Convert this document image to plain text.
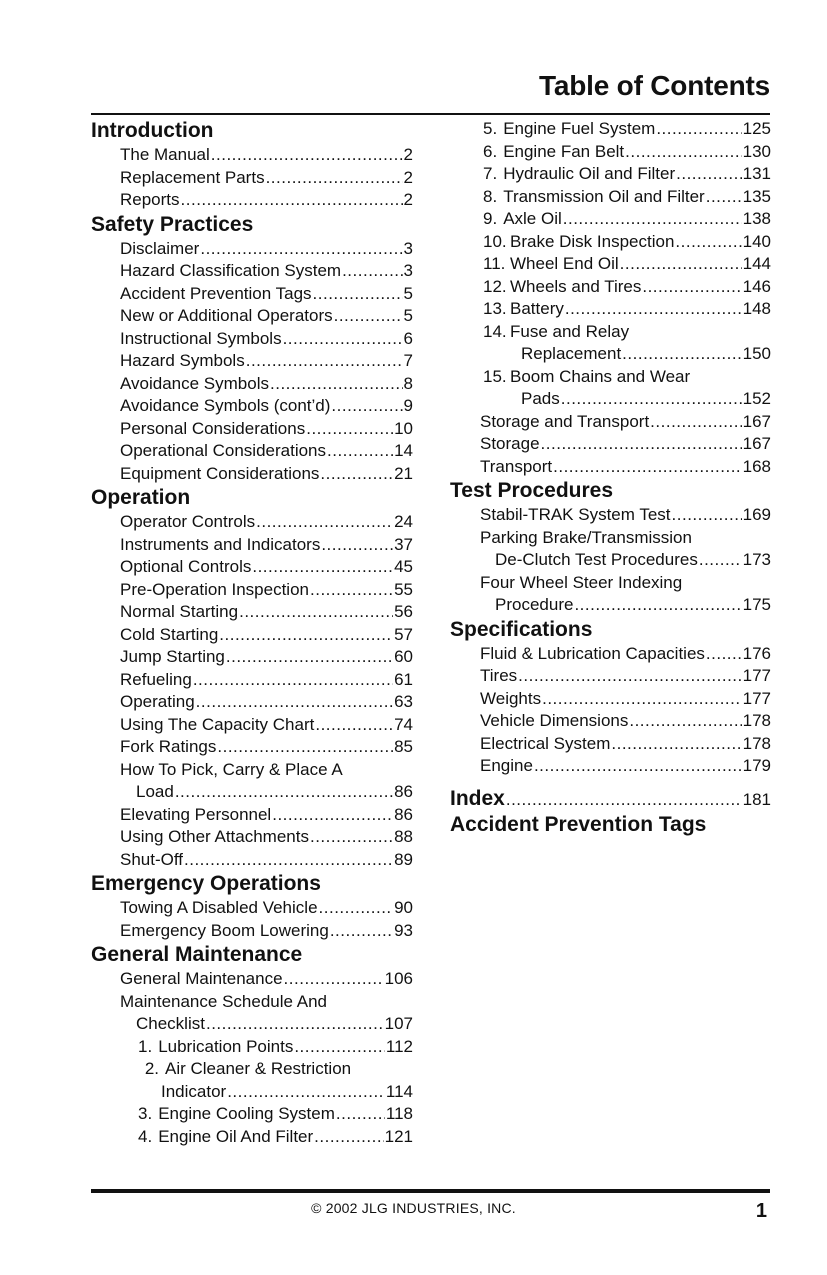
Table of Contents
Introduction
The Manual .....	2
Replacement Parts .....	2
Reports .....	2
Safety Practices
Disclaimer .....	3
Hazard Classification System .....	3
Accident Prevention Tags .....	5
New or Additional Operators .....	5
Instructional Symbols .....	6
Hazard Symbols .....	7
Avoidance Symbols .....	8
Avoidance Symbols (cont’d) .....	9
Personal Considerations .....	10
Operational Considerations .....	14
Equipment Considerations .....	21
Operation
Operator Controls .....	24
Instruments and Indicators .....	37
Optional Controls .....	45
Pre-Operation Inspection .....	55
Normal Starting .....	56
Cold Starting .....	57
Jump Starting .....	60
Refueling .....	61
Operating .....	63
Using The Capacity Chart .....	74
Fork Ratings .....	85
How To Pick, Carry & Place A
Load .....	86
Elevating Personnel .....	86
Using Other Attachments .....	88
Shut-Off .....	89
Emergency Operations
Towing A Disabled Vehicle .....	90
Emergency Boom Lowering .....	93
General Maintenance
General Maintenance .....	106
Maintenance Schedule And
Checklist .....	107
1. Lubrication Points .....	112
2. Air Cleaner & Restriction
Indicator .....	114
3. Engine Cooling System .....	118
4. Engine Oil And Filter .....	121
5. Engine Fuel System .....	125
6. Engine Fan Belt .....	130
7. Hydraulic Oil and Filter .....	131
8. Transmission Oil and Filter ..... 135
9. Axle Oil .....	138
10. Brake Disk Inspection .....	140
11. Wheel End Oil .....	144
12. Wheels and Tires .....	146
13. Battery .....	148
14. Fuse and Relay
Replacement .....	150
15. Boom Chains and Wear
Pads .....	152
Storage and Transport .....	167
Storage .....	167
Transport .....	168
Test Procedures
Stabil-TRAK System Test .....	169
Parking Brake/Transmission
De-Clutch Test Procedures .....	173
Four Wheel Steer Indexing
Procedure .....	175
Specifications
Fluid & Lubrication Capacities ..... 176
Tires .....	177
Weights .....	177
Vehicle Dimensions .....	178
Electrical System .....	178
Engine .....	179
Index .....	181
Accident Prevention Tags
© 2002 JLG INDUSTRIES, INC.	1
